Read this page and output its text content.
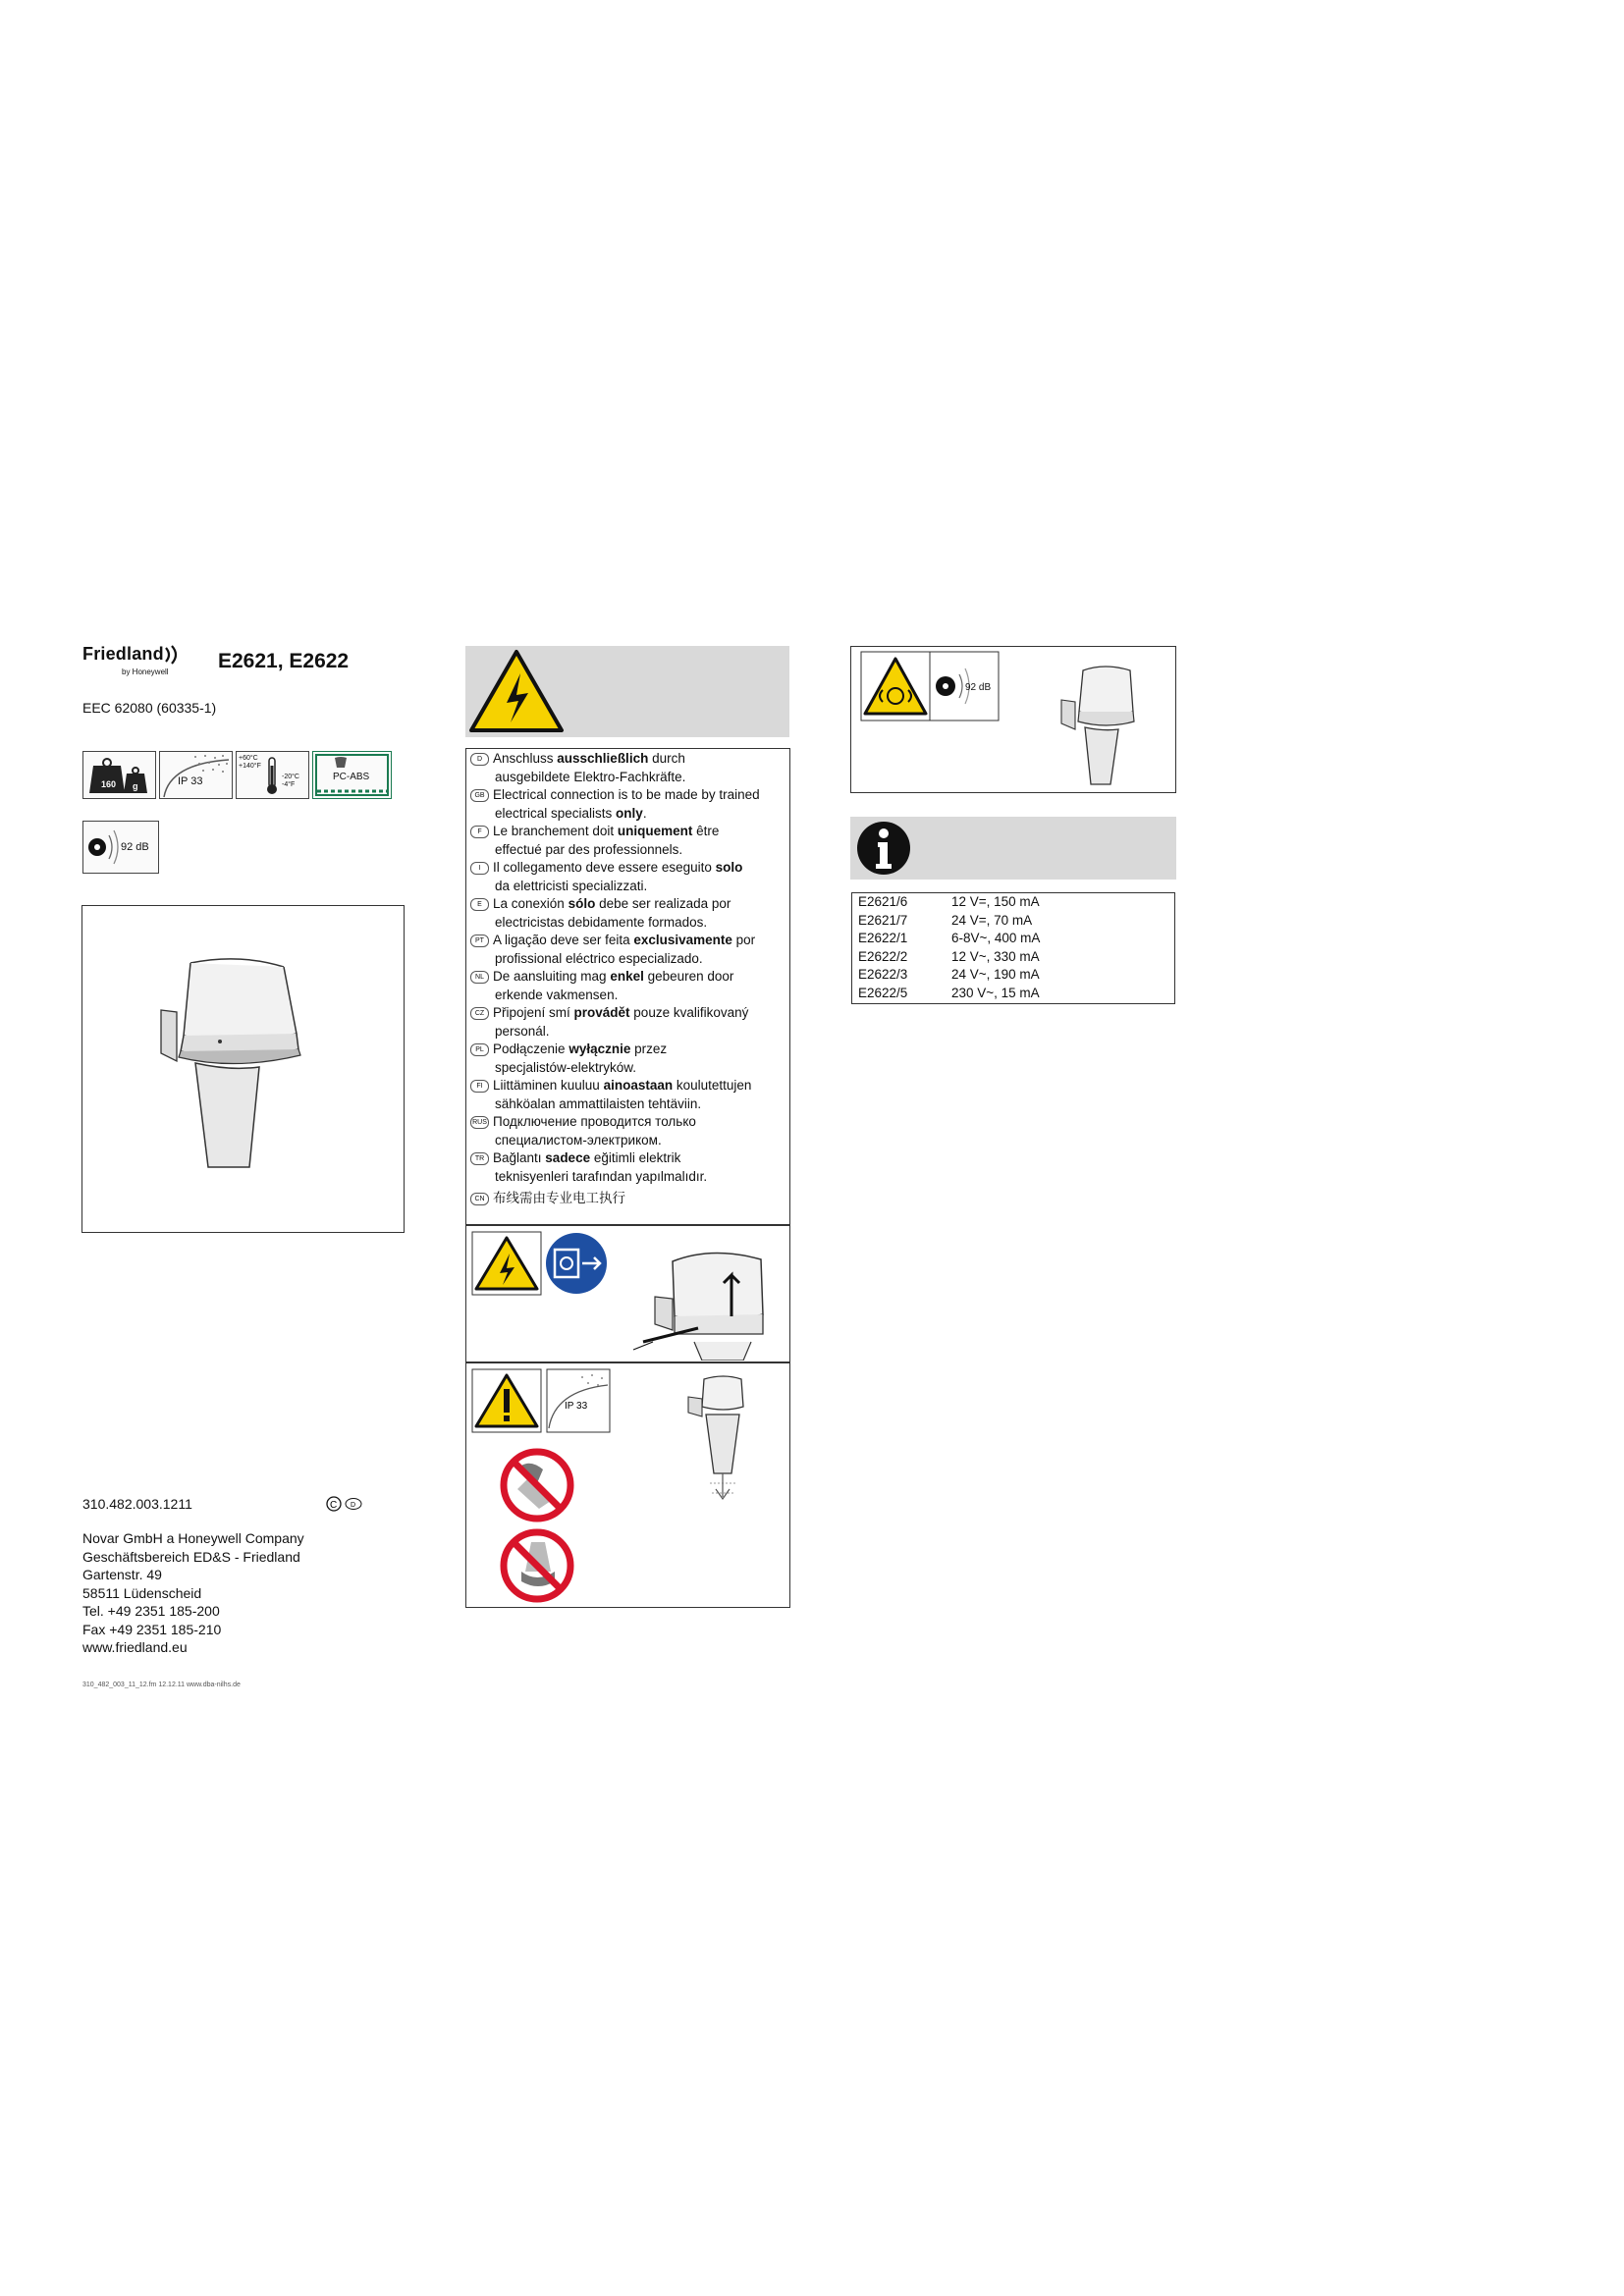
Friedland
by Honeywell E2621, E2622
EEC 62080 (60335-1)
160 g	IP 33
+60°C
+140°F
-20°C
-4°F
PC-ABS
92 dB
310.482.003.1211	C D
Novar GmbH a Honeywell Company
Geschäftsbereich ED&S - Friedland
Gartenstr. 49
58511 Lüdenscheid
Tel. +49 2351 185-200
Fax +49 2351 185-210
www.friedland.eu
310_482_003_11_12.fm 12.12.11 www.dba-nilhs.de
D Anschluss ausschließlich durch
ausgebildete Elektro-Fachkräfte.
GB Electrical connection is to be made by trained
electrical specialists only.
F Le branchement doit uniquement être
effectué par des professionnels.
I Il collegamento deve essere eseguito solo
da elettricisti specializzati.
E La conexión sólo debe ser realizada por
electricistas debidamente formados.
PT A ligação deve ser feita exclusivamente por
profissional eléctrico especializado.
NL De aansluiting mag enkel gebeuren door
erkende vakmensen.
CZ Připojení smí provádět pouze kvalifikovaný
personál.
PL Podłączenie wyłącznie przez
specjalistów-elektryków.
FI Liittäminen kuuluu ainoastaan koulutettujen
sähköalan ammattilaisten tehtäviin.
RUS Подключение проводится только
специалистом-электриком.
TR Bağlantı sadece eğitimli elektrik
teknisyenleri tarafından yapılmalıdır.
CN 布线需由专业电工执行
IP 33
92 dB
E2621/6	12 V=, 150 mA
E2621/7	24 V=, 70 mA
E2622/1	6-8V~, 400 mA
E2622/2	12 V~, 330 mA
E2622/3	24 V~, 190 mA
E2622/5	230 V~, 15 mA
